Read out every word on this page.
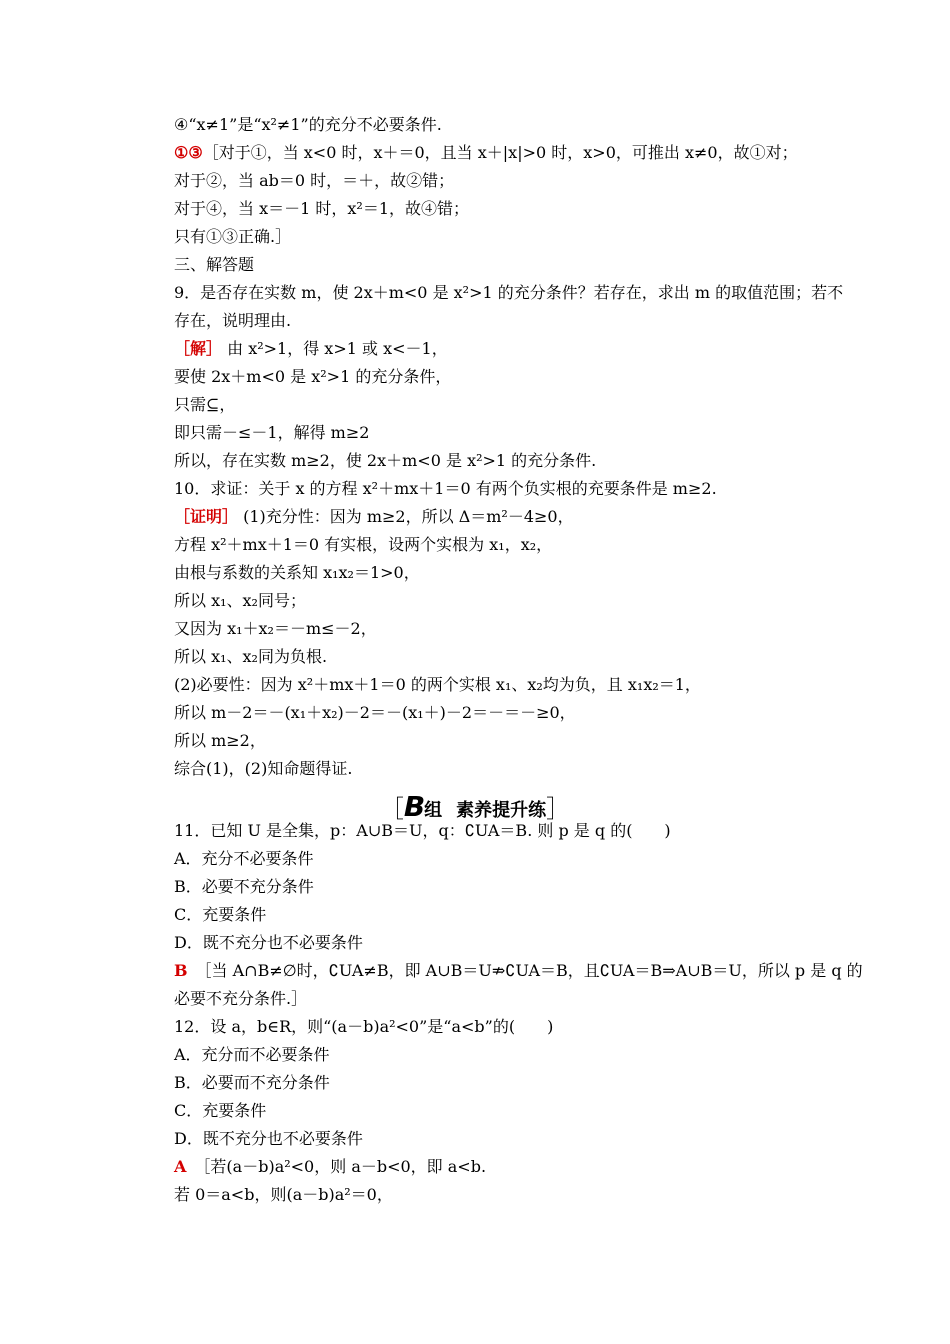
④“x≠1”是“x²≠1”的充分不必要条件.
①③［对于①，当 x<0 时，x＋＝0，且当 x＋|x|>0 时，x>0，可推出 x≠0，故①对；
对于②，当 ab＝0 时，＝＋，故②错；
对于④，当 x＝－1 时，x²＝1，故④错；
只有①③正确.］
三、解答题
9．是否存在实数 m，使 2x＋m<0 是 x²>1 的充分条件？若存在，求出 m 的取值范围；若不
存在，说明理由.
［解］ 由 x²>1，得 x>1 或 x<－1，
要使 2x＋m<0 是 x²>1 的充分条件，
只需⊆，
即只需－≤－1，解得 m≥2
所以，存在实数 m≥2，使 2x＋m<0 是 x²>1 的充分条件.
10．求证：关于 x 的方程 x²＋mx＋1＝0 有两个负实根的充要条件是 m≥2.
［证明］ (1)充分性：因为 m≥2，所以 Δ＝m²－4≥0，
方程 x²＋mx＋1＝0 有实根，设两个实根为 x₁，x₂，
由根与系数的关系知 x₁x₂＝1>0，
所以 x₁、x₂同号；
又因为 x₁＋x₂＝－m≤－2，
所以 x₁、x₂同为负根.
(2)必要性：因为 x²＋mx＋1＝0 的两个实根 x₁、x₂均为负，且 x₁x₂＝1，
所以 m－2＝－(x₁＋x₂)－2＝－(x₁＋)－2＝－＝－≥0，
所以 m≥2，
综合(1)，(2)知命题得证.
11．已知 U 是全集，p：A∪B＝U，q：∁UA＝B. 则 p 是 q 的(　　)
A．充分不必要条件
B．必要不充分条件
C．充要条件
D．既不充分也不必要条件
B　［当 A∩B≠∅时，∁UA≠B，即 A∪B＝U⇏∁UA＝B，且∁UA＝B⇒A∪B＝U，所以 p 是 q 的
必要不充分条件.］
12．设 a，b∈R，则“(a－b)a²<0”是“a<b”的(　　)
A．充分而不必要条件
B．必要而不充分条件
C．充要条件
D．既不充分也不必要条件
A　［若(a－b)a²<0，则 a－b<0，即 a<b.
若 0＝a<b，则(a－b)a²＝0，
［B组 素养提升练］
